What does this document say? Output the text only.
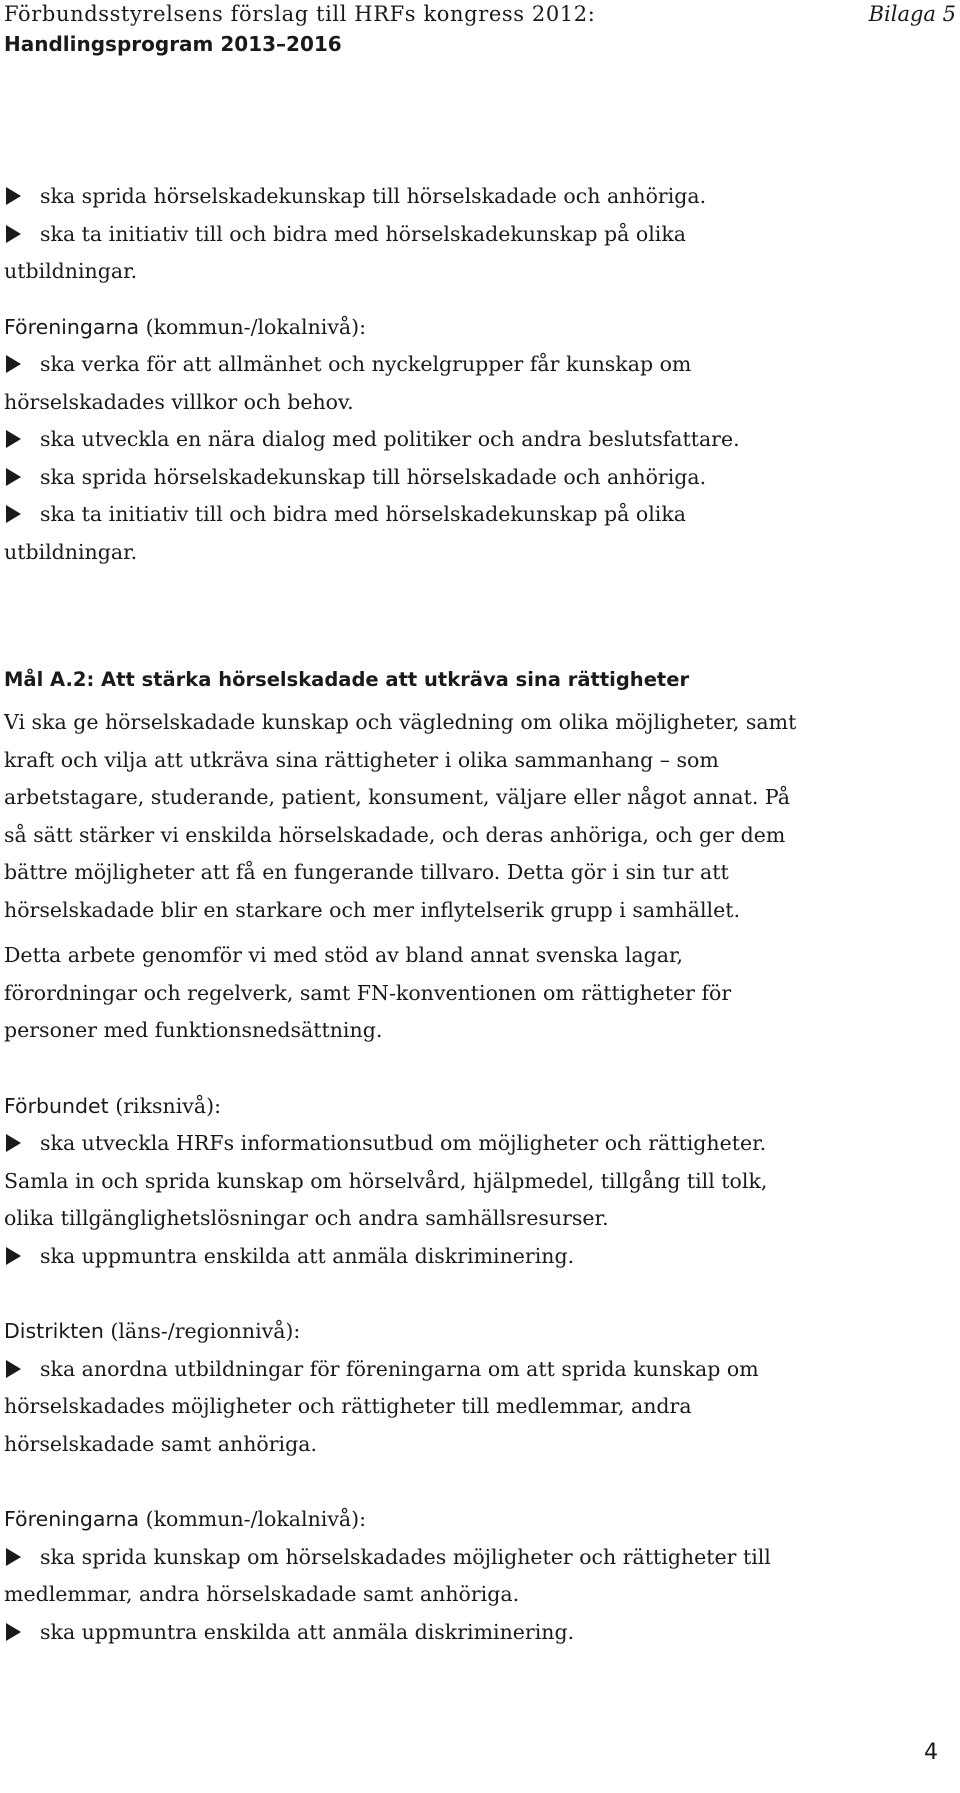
Förbundsstyrelsens förslag till HRFs kongress 2012:	Bilaga 5
Handlingsprogram 2013–2016

ska sprida hörselskadekunskap till hörselskadade och anhöriga.

ska ta initiativ till och bidra med hörselskadekunskap på olika utbildningar.

Föreningarna (kommun-/lokalnivå):

ska verka för att allmänhet och nyckelgrupper får kunskap om hörselskadades villkor och behov.

ska utveckla en nära dialog med politiker och andra beslutsfattare.

ska sprida hörselskadekunskap till hörselskadade och anhöriga.

ska ta initiativ till och bidra med hörselskadekunskap på olika utbildningar.

Mål A.2: Att stärka hörselskadade att utkräva sina rättigheter

Vi ska ge hörselskadade kunskap och vägledning om olika möjligheter, samt kraft och vilja att utkräva sina rättigheter i olika sammanhang – som arbetstagare, studerande, patient, konsument, väljare eller något annat. På så sätt stärker vi enskilda hörselskadade, och deras anhöriga, och ger dem bättre möjligheter att få en fungerande tillvaro. Detta gör i sin tur att hörselskadade blir en starkare och mer inflytelserik grupp i samhället.

Detta arbete genomför vi med stöd av bland annat svenska lagar, förordningar och regelverk, samt FN-konventionen om rättigheter för personer med funktionsnedsättning.

Förbundet (riksnivå):

ska utveckla HRFs informationsutbud om möjligheter och rättigheter. Samla in och sprida kunskap om hörselvård, hjälpmedel, tillgång till tolk, olika tillgänglighetslösningar och andra samhällsresurser.

ska uppmuntra enskilda att anmäla diskriminering.

Distrikten (läns-/regionnivå):

ska anordna utbildningar för föreningarna om att sprida kunskap om hörselskadades möjligheter och rättigheter till medlemmar, andra hörselskadade samt anhöriga.

Föreningarna (kommun-/lokalnivå):

ska sprida kunskap om hörselskadades möjligheter och rättigheter till medlemmar, andra hörselskadade samt anhöriga.

ska uppmuntra enskilda att anmäla diskriminering.

4
